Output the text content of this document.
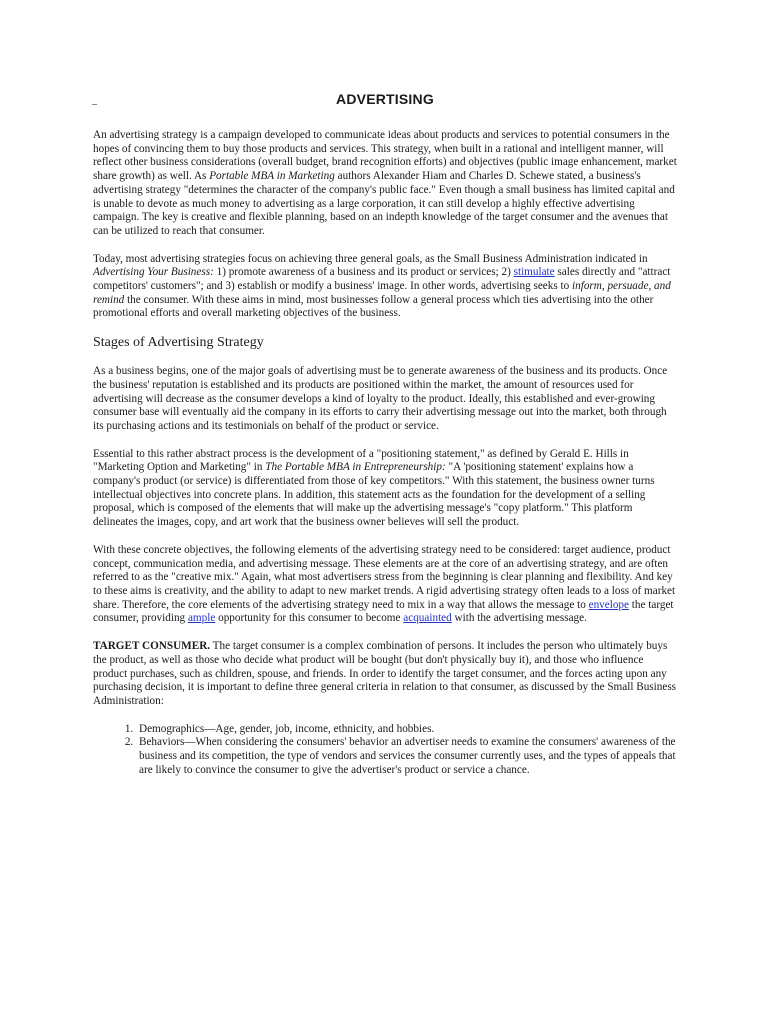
–	ADVERTISING

An advertising strategy is a campaign developed to communicate ideas about products and services to potential consumers in the hopes of convincing them to buy those products and services. This strategy, when built in a rational and intelligent manner, will reflect other business considerations (overall budget, brand recognition efforts) and objectives (public image enhancement, market share growth) as well. As Portable MBA in Marketing authors Alexander Hiam and Charles D. Schewe stated, a business's advertising strategy "determines the character of the company's public face." Even though a small business has limited capital and is unable to devote as much money to advertising as a large corporation, it can still develop a highly effective advertising campaign. The key is creative and flexible planning, based on an indepth knowledge of the target consumer and the avenues that can be utilized to reach that consumer.

Today, most advertising strategies focus on achieving three general goals, as the Small Business Administration indicated in Advertising Your Business: 1) promote awareness of a business and its product or services; 2) stimulate sales directly and "attract competitors' customers"; and 3) establish or modify a business' image. In other words, advertising seeks to inform, persuade, and remind the consumer. With these aims in mind, most businesses follow a general process which ties advertising into the other promotional efforts and overall marketing objectives of the business.

Stages of Advertising Strategy

As a business begins, one of the major goals of advertising must be to generate awareness of the business and its products. Once the business' reputation is established and its products are positioned within the market, the amount of resources used for advertising will decrease as the consumer develops a kind of loyalty to the product. Ideally, this established and ever-growing consumer base will eventually aid the company in its efforts to carry their advertising message out into the market, both through its purchasing actions and its testimonials on behalf of the product or service.

Essential to this rather abstract process is the development of a "positioning statement," as defined by Gerald E. Hills in "Marketing Option and Marketing" in The Portable MBA in Entrepreneurship: "A 'positioning statement' explains how a company's product (or service) is differentiated from those of key competitors." With this statement, the business owner turns intellectual objectives into concrete plans. In addition, this statement acts as the foundation for the development of a selling proposal, which is composed of the elements that will make up the advertising message's "copy platform." This platform delineates the images, copy, and art work that the business owner believes will sell the product.

With these concrete objectives, the following elements of the advertising strategy need to be considered: target audience, product concept, communication media, and advertising message. These elements are at the core of an advertising strategy, and are often referred to as the "creative mix." Again, what most advertisers stress from the beginning is clear planning and flexibility. And key to these aims is creativity, and the ability to adapt to new market trends. A rigid advertising strategy often leads to a loss of market share. Therefore, the core elements of the advertising strategy need to mix in a way that allows the message to envelope the target consumer, providing ample opportunity for this consumer to become acquainted with the advertising message.

TARGET CONSUMER. The target consumer is a complex combination of persons. It includes the person who ultimately buys the product, as well as those who decide what product will be bought (but don't physically buy it), and those who influence product purchases, such as children, spouse, and friends. In order to identify the target consumer, and the forces acting upon any purchasing decision, it is important to define three general criteria in relation to that consumer, as discussed by the Small Business Administration:

1. Demographics—Age, gender, job, income, ethnicity, and hobbies.
2. Behaviors—When considering the consumers' behavior an advertiser needs to examine the consumers' awareness of the business and its competition, the type of vendors and services the consumer currently uses, and the types of appeals that are likely to convince the consumer to give the advertiser's product or service a chance.
